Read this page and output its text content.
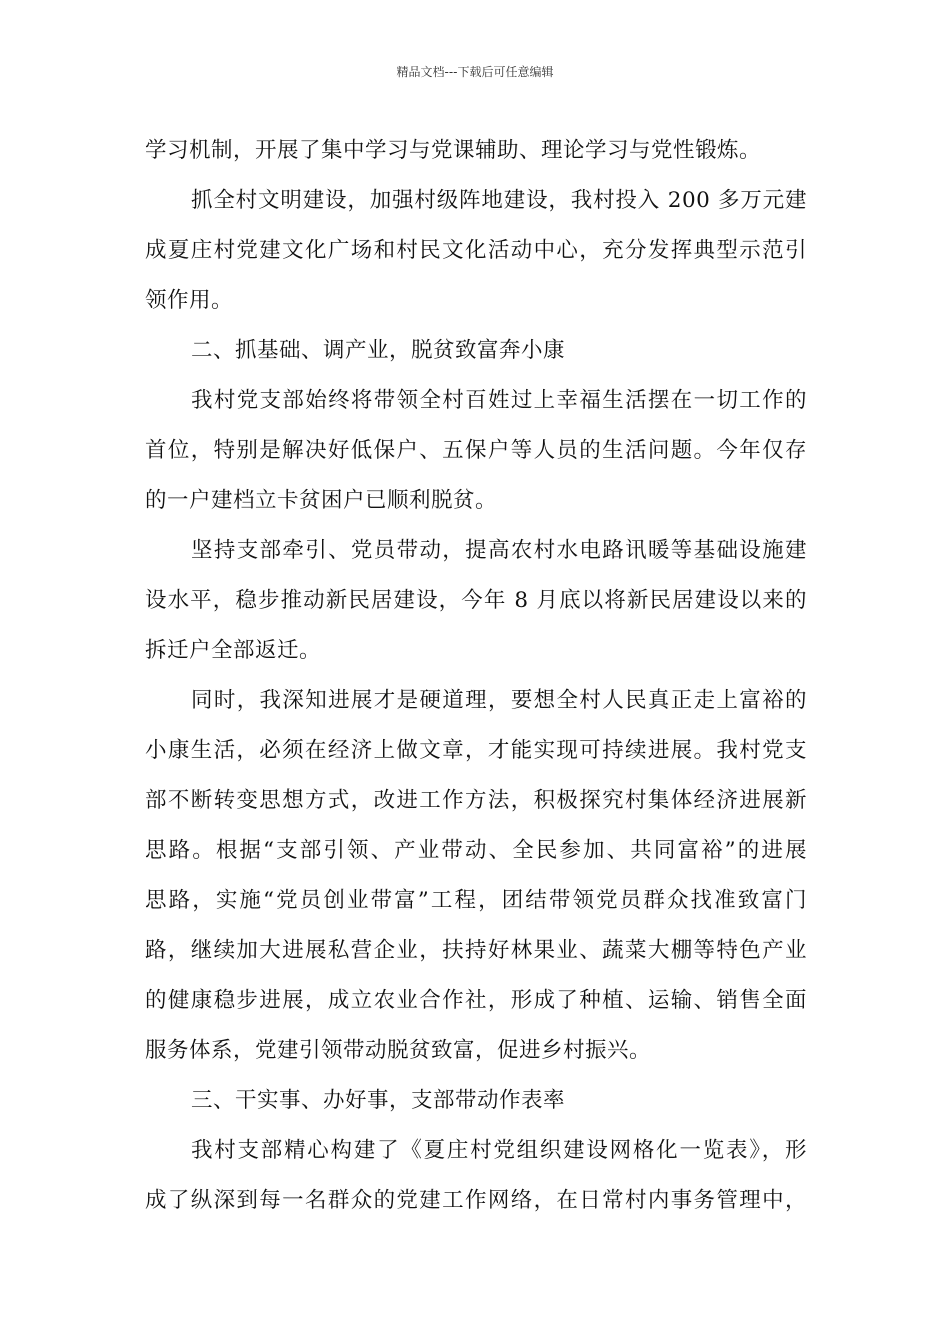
精品文档---下载后可任意编辑
学习机制，开展了集中学习与党课辅助、理论学习与党性锻炼。
抓全村文明建设，加强村级阵地建设，我村投入 200 多万元建
成夏庄村党建文化广场和村民文化活动中心，充分发挥典型示范引
领作用。
二、抓基础、调产业，脱贫致富奔小康
我村党支部始终将带领全村百姓过上幸福生活摆在一切工作的
首位，特别是解决好低保户、五保户等人员的生活问题。今年仅存
的一户建档立卡贫困户已顺利脱贫。
坚持支部牵引、党员带动，提高农村水电路讯暖等基础设施建
设水平，稳步推动新民居建设，今年 8 月底以将新民居建设以来的
拆迁户全部返迁。
同时，我深知进展才是硬道理，要想全村人民真正走上富裕的
小康生活，必须在经济上做文章，才能实现可持续进展。我村党支
部不断转变思想方式，改进工作方法，积极探究村集体经济进展新
思路。根据“支部引领、产业带动、全民参加、共同富裕”的进展
思路，实施“党员创业带富”工程，团结带领党员群众找准致富门
路，继续加大进展私营企业，扶持好林果业、蔬菜大棚等特色产业
的健康稳步进展，成立农业合作社，形成了种植、运输、销售全面
服务体系，党建引领带动脱贫致富，促进乡村振兴。
三、干实事、办好事，支部带动作表率
我村支部精心构建了《夏庄村党组织建设网格化一览表》，形
成了纵深到每一名群众的党建工作网络，在日常村内事务管理中，
